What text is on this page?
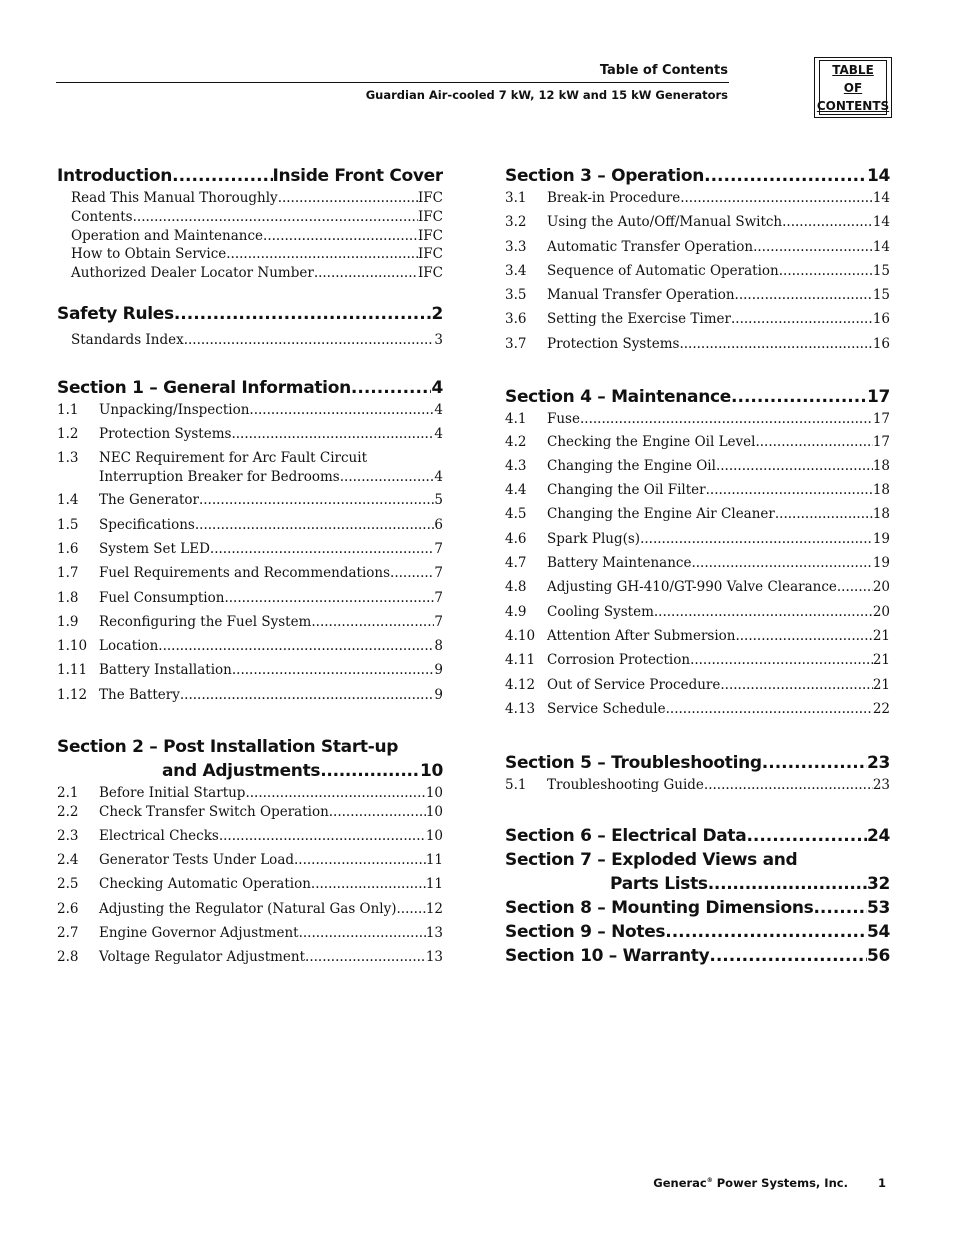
Table of Contents
Guardian Air-cooled 7 kW, 12 kW and 15 kW Generators
TABLE
OF
CONTENTS
Introduction .....	Inside Front Cover
Read This Manual Thoroughly .....	IFC
Contents .....	IFC
Operation and Maintenance .....	IFC
How to Obtain Service .....	IFC
Authorized Dealer Locator Number .....	IFC
Safety Rules .....	2
Standards Index .....	3
Section 1 – General Information .....	4
1.1	Unpacking/Inspection .....	4
1.2	Protection Systems .....	4
1.3	NEC Requirement for Arc Fault Circuit
Interruption Breaker for Bedrooms .....	4
1.4	The Generator .....	5
1.5	Specifications .....	6
1.6	System Set LED .....	7
1.7	Fuel Requirements and Recommendations .....	7
1.8	Fuel Consumption .....	7
1.9	Reconfiguring the Fuel System .....	7
1.10 Location .....	8
1.11 Battery Installation .....	9
1.12 The Battery .....	9
Section 2 – Post Installation Start-up
and Adjustments .....	10
2.1	Before Initial Startup .....	10
2.2	Check Transfer Switch Operation .....	10
2.3	Electrical Checks .....	10
2.4	Generator Tests Under Load .....	11
2.5	Checking Automatic Operation .....	11
2.6	Adjusting the Regulator (Natural Gas Only) ..... 12
2.7	Engine Governor Adjustment .....	13
2.8	Voltage Regulator Adjustment .....	13
Section 3 – Operation .....	14
3.1	Break-in Procedure .....	14
3.2	Using the Auto/Off/Manual Switch .....	14
3.3	Automatic Transfer Operation .....	14
3.4	Sequence of Automatic Operation .....	15
3.5	Manual Transfer Operation .....	15
3.6	Setting the Exercise Timer .....	16
3.7	Protection Systems .....	16
Section 4 – Maintenance .....	17
4.1	Fuse .....	17
4.2	Checking the Engine Oil Level .....	17
4.3	Changing the Engine Oil .....	18
4.4	Changing the Oil Filter .....	18
4.5	Changing the Engine Air Cleaner .....	18
4.6	Spark Plug(s) .....	19
4.7	Battery Maintenance .....	19
4.8	Adjusting GH-410/GT-990 Valve Clearance .....	20
4.9	Cooling System .....	20
4.10 Attention After Submersion .....	21
4.11 Corrosion Protection .....	21
4.12 Out of Service Procedure .....	21
4.13 Service Schedule .....	22
Section 5 – Troubleshooting .....	23
5.1	Troubleshooting Guide .....	23
Section 6 – Electrical Data .....	24
Section 7 – Exploded Views and
Parts Lists .....	32
Section 8 – Mounting Dimensions .....	53
Section 9 – Notes .....	54
Section 10 – Warranty .....	56
Generac® Power Systems, Inc.	1
